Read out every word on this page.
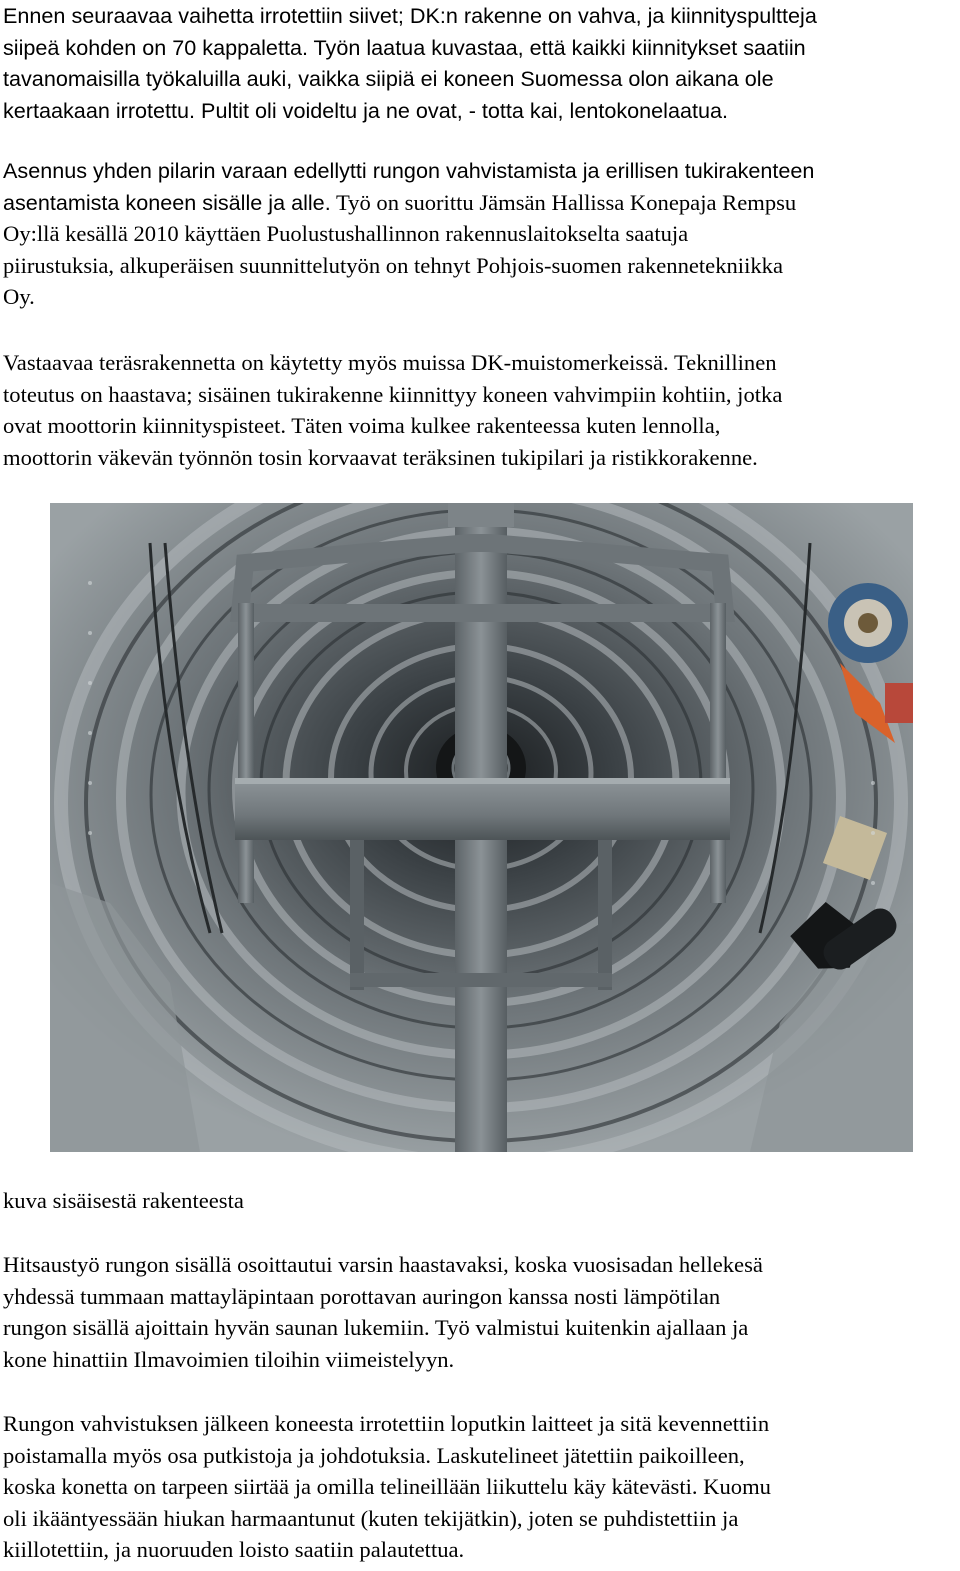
Ennen seuraavaa vaihetta irrotettiin siivet; DK:n rakenne on vahva, ja kiinnityspultteja
siipeä kohden on 70 kappaletta. Työn laatua kuvastaa, että kaikki kiinnitykset saatiin
tavanomaisilla työkaluilla auki, vaikka siipiä ei koneen Suomessa olon aikana ole
kertaakaan irrotettu. Pultit oli voideltu ja ne ovat, - totta kai, lentokonelaatua.

Asennus yhden pilarin varaan edellytti rungon vahvistamista ja erillisen tukirakenteen
asentamista koneen sisälle ja alle. Työ on suorittu Jämsän Hallissa Konepaja Rempsu
Oy:llä kesällä 2010 käyttäen Puolustushallinnon rakennuslaitokselta saatuja
piirustuksia, alkuperäisen suunnittelutyön on tehnyt Pohjois-suomen rakennetekniikka
Oy.

Vastaavaa teräsrakennetta on käytetty myös muissa DK-muistomerkeissä. Teknillinen
toteutus on haastava; sisäinen tukirakenne kiinnittyy koneen vahvimpiin kohtiin, jotka
ovat moottorin kiinnityspisteet. Täten voima kulkee rakenteessa kuten lennolla,
moottorin väkevän työnnön tosin korvaavat teräksinen tukipilari ja ristikkorakenne.

kuva sisäisestä rakenteesta

Hitsaustyö rungon sisällä osoittautui varsin haastavaksi, koska vuosisadan hellekesä
yhdessä tummaan mattayläpintaan porottavan auringon kanssa nosti lämpötilan
rungon sisällä ajoittain hyvän saunan lukemiin. Työ valmistui kuitenkin ajallaan ja
kone hinattiin Ilmavoimien tiloihin viimeistelyyn.

Rungon vahvistuksen jälkeen koneesta irrotettiin loputkin laitteet ja sitä kevennettiin
poistamalla myös osa putkistoja ja johdotuksia. Laskutelineet jätettiin paikoilleen,
koska konetta on tarpeen siirtää ja omilla telineillään liikuttelu käy kätevästi. Kuomu
oli ikääntyessään hiukan harmaantunut (kuten tekijätkin), joten se puhdistettiin ja
kiillotettiin, ja nuoruuden loisto saatiin palautettua.
